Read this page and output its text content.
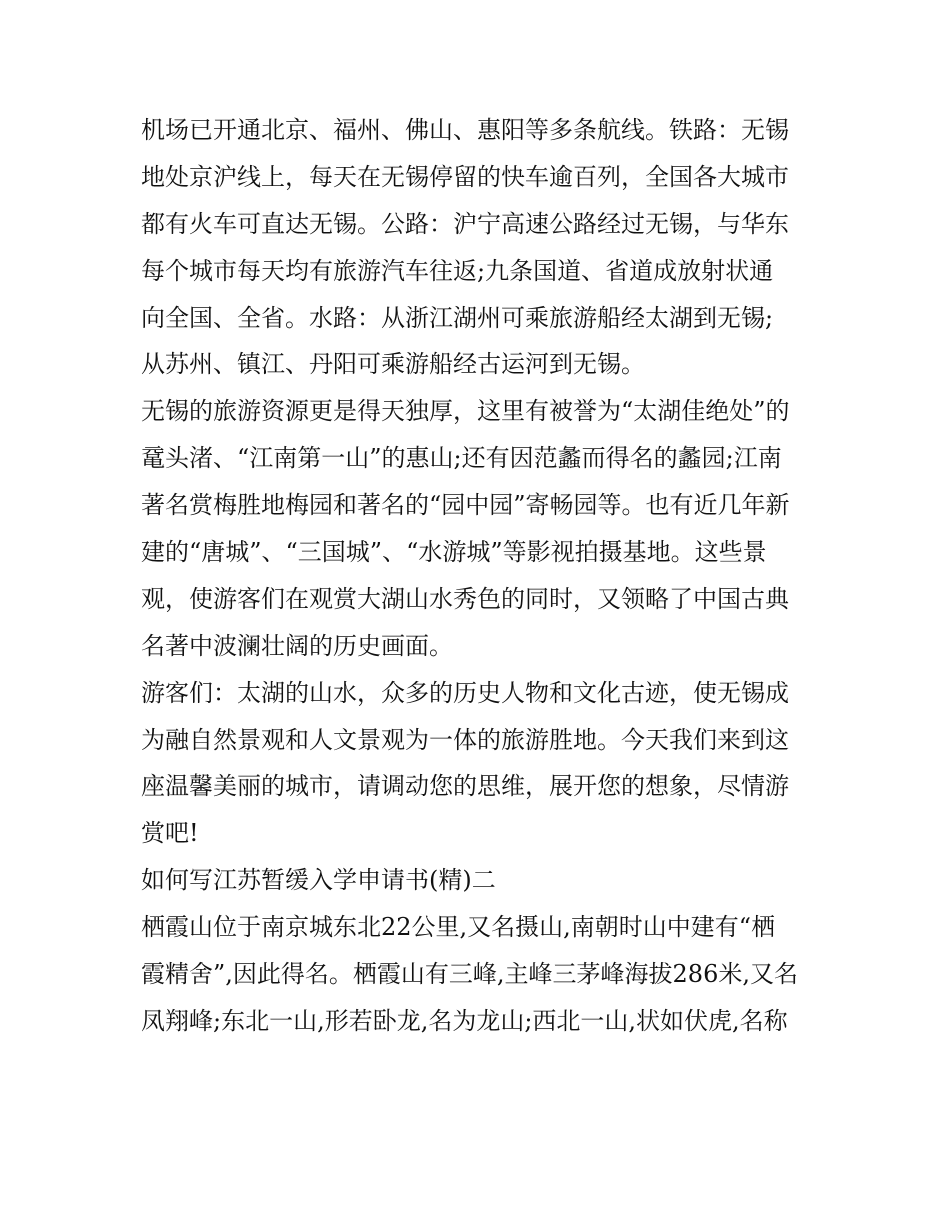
机场已开通北京、福州、佛山、惠阳等多条航线。铁路：无锡
地处京沪线上，每天在无锡停留的快车逾百列，全国各大城市
都有火车可直达无锡。公路：沪宁高速公路经过无锡，与华东
每个城市每天均有旅游汽车往返;九条国道、省道成放射状通
向全国、全省。水路：从浙江湖州可乘旅游船经太湖到无锡;
从苏州、镇江、丹阳可乘游船经古运河到无锡。
无锡的旅游资源更是得天独厚，这里有被誉为“太湖佳绝处”的
鼋头渚、“江南第一山”的惠山;还有因范蠡而得名的蠡园;江南
著名赏梅胜地梅园和著名的“园中园”寄畅园等。也有近几年新
建的“唐城”、“三国城”、“水游城”等影视拍摄基地。这些景
观，使游客们在观赏大湖山水秀色的同时，又领略了中国古典
名著中波澜壮阔的历史画面。
游客们：太湖的山水，众多的历史人物和文化古迹，使无锡成
为融自然景观和人文景观为一体的旅游胜地。今天我们来到这
座温馨美丽的城市，请调动您的思维，展开您的想象，尽情游
赏吧!
如何写江苏暂缓入学申请书(精)二
栖霞山位于南京城东北22公里,又名摄山,南朝时山中建有“栖
霞精舍”,因此得名。栖霞山有三峰,主峰三茅峰海拔286米,又名
凤翔峰;东北一山,形若卧龙,名为龙山;西北一山,状如伏虎,名称
